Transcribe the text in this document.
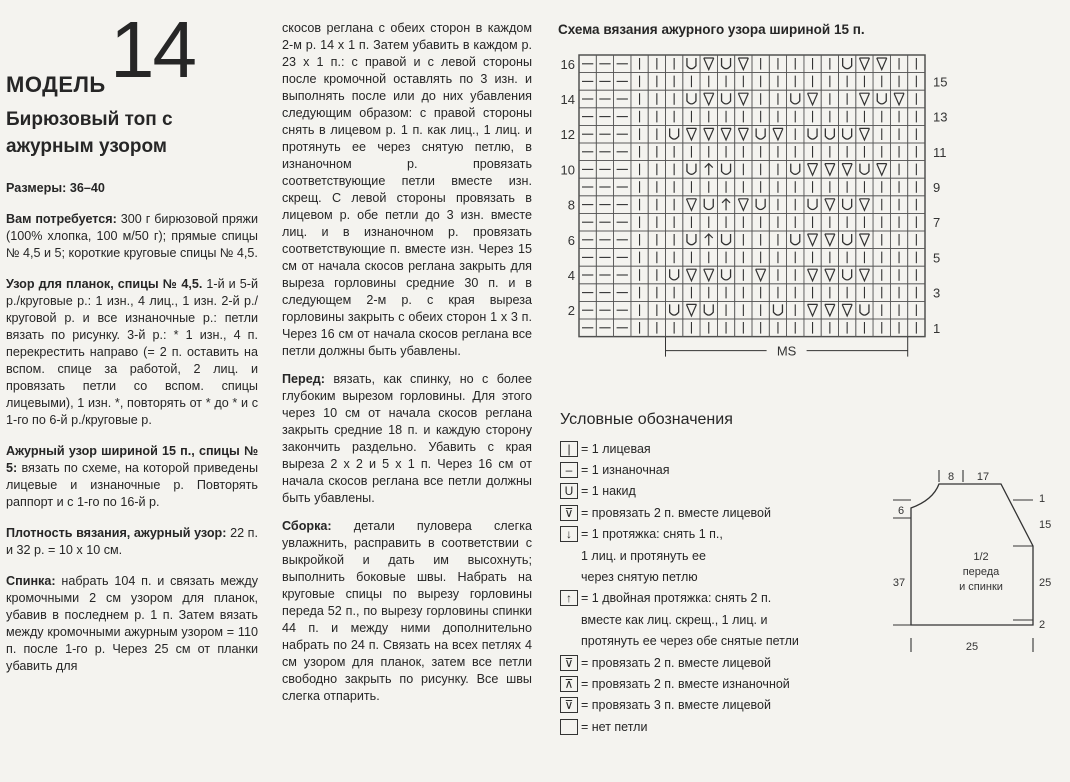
МОДЕЛЬ 14
Бирюзовый топ с ажурным узором

Размеры: 36–40

Вам потребуется: 300 г бирюзовой пряжи (100% хлопка, 100 м/50 г); прямые спицы № 4,5 и 5; короткие круговые спицы № 4,5.

Узор для планок, спицы № 4,5. 1-й и 5-й р./круговые р.: 1 изн., 4 лиц., 1 изн. 2-й р./круговой р. и все изнаночные р.: петли вязать по рисунку. 3-й р.: * 1 изн., 4 п. перекрестить направо (= 2 п. оставить на вспом. спице за работой, 2 лиц. и провязать петли со вспом. спицы лицевыми), 1 изн. *, повторять от * до * и с 1-го по 6-й р./круговые р.

Ажурный узор шириной 15 п., спицы № 5: вязать по схеме, на которой приведены лицевые и изнаночные р. Повторять раппорт и с 1-го по 16-й р.

Плотность вязания, ажурный узор: 22 п. и 32 р. = 10 х 10 см.

Спинка: набрать 104 п. и связать между кромочными 2 см узором для планок, убавив в последнем р. 1 п. Затем вязать между кромочными ажурным узором = 110 п. после 1-го р. Через 25 см от планки убавить для

скосов реглана с обеих сторон в каждом 2-м р. 14 х 1 п. Затем убавить в каждом р. 23 х 1 п.: с правой и с левой стороны после кромочной оставлять по 3 изн. и выполнять после или до них убавления следующим образом: с правой стороны снять в лицевом р. 1 п. как лиц., 1 лиц. и протянуть ее через снятую петлю, в изнаночном р. провязать соответствующие петли вместе изн. скрещ. С левой стороны провязать в лицевом р. обе петли до 3 изн. вместе лиц. и в изнаночном р. провязать соответствующие п. вместе изн. Через 15 см от начала скосов реглана закрыть для выреза горловины средние 30 п. и в следующем 2-м р. с края выреза горловины закрыть с обеих сторон 1 х 3 п. Через 16 см от начала скосов реглана все петли должны быть убавлены.

Перед: вязать, как спинку, но с более глубоким вырезом горловины. Для этого через 10 см от начала скосов реглана закрыть средние 18 п. и каждую сторону закончить раздельно. Убавить с края выреза 2 х 2 и 5 х 1 п. Через 16 см от начала скосов реглана все петли должны быть убавлены.

Сборка: детали пуловера слегка увлажнить, расправить в соответствии с выкройкой и дать им высохнуть; выполнить боковые швы. Набрать на круговые спицы по вырезу горловины переда 52 п., по вырезу горловины спинки 44 п. и между ними дополнительно набрать по 24 п. Связать на всех петлях 4 см узором для планок, затем все петли свободно закрыть по рисунку. Все швы слегка отпарить.

Схема вязания ажурного узора шириной 15 п.
2
4
6
8
10
12
14
16
1
3
5
7
9
11
13
15
MS
Условные обозначения
| = 1 лицевая
– = 1 изнаночная
U = 1 накид
⊽ = провязать 2 п. вместе лицевой
↓ = 1 протяжка: снять 1 п.,
1 лиц. и протянуть ее
через снятую петлю
↑ = 1 двойная протяжка: снять 2 п.
вместе как лиц. скрещ., 1 лиц. и
протянуть ее через обе снятые петли
⊽ = провязать 2 п. вместе лицевой
⊼ = провязать 2 п. вместе изнаночной
⊽ = провязать 3 п. вместе лицевой
= нет петли
8 17
1
6
15
37	25
2
25
1/2
переда
и спинки
